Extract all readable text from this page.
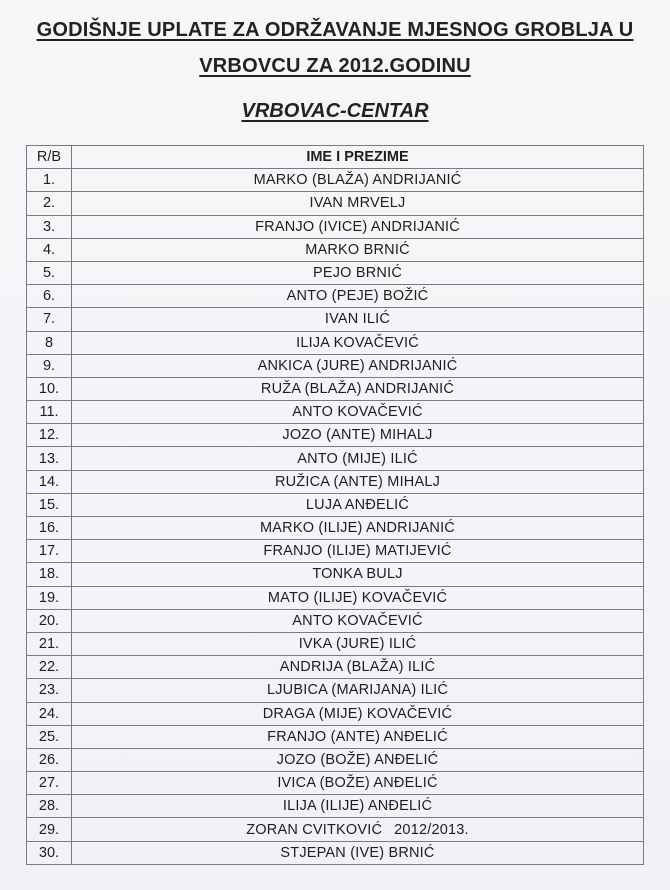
GODIŠNJE UPLATE ZA ODRŽAVANJE MJESNOG GROBLJA U
VRBOVCU ZA 2012.GODINU
VRBOVAC-CENTAR
R/B	IME I PREZIME
1.	MARKO (BLAŽA) ANDRIJANIĆ
2.	IVAN MRVELJ
3.	FRANJO (IVICE) ANDRIJANIĆ
4.	MARKO BRNIĆ
5.	PEJO BRNIĆ
6.	ANTO (PEJE) BOŽIĆ
7.	IVAN ILIĆ
8	ILIJA KOVAČEVIĆ
9.	ANKICA (JURE) ANDRIJANIĆ
10.	RUŽA (BLAŽA) ANDRIJANIĆ
11.	ANTO KOVAČEVIĆ
12.	JOZO (ANTE) MIHALJ
13.	ANTO (MIJE) ILIĆ
14.	RUŽICA (ANTE) MIHALJ
15.	LUJA ANĐELIĆ
16.	MARKO (ILIJE) ANDRIJANIĆ
17.	FRANJO (ILIJE) MATIJEVIĆ
18.	TONKA BULJ
19.	MATO (ILIJE) KOVAČEVIĆ
20.	ANTO KOVAČEVIĆ
21.	IVKA (JURE) ILIĆ
22.	ANDRIJA (BLAŽA) ILIĆ
23.	LJUBICA (MARIJANA) ILIĆ
24.	DRAGA (MIJE) KOVAČEVIĆ
25.	FRANJO (ANTE) ANĐELIĆ
26.	JOZO (BOŽE) ANĐELIĆ
27.	IVICA (BOŽE) ANĐELIĆ
28.	ILIJA (ILIJE) ANĐELIĆ
29.	ZORAN CVITKOVIĆ 2012/2013.
30.	STJEPAN (IVE) BRNIĆ
